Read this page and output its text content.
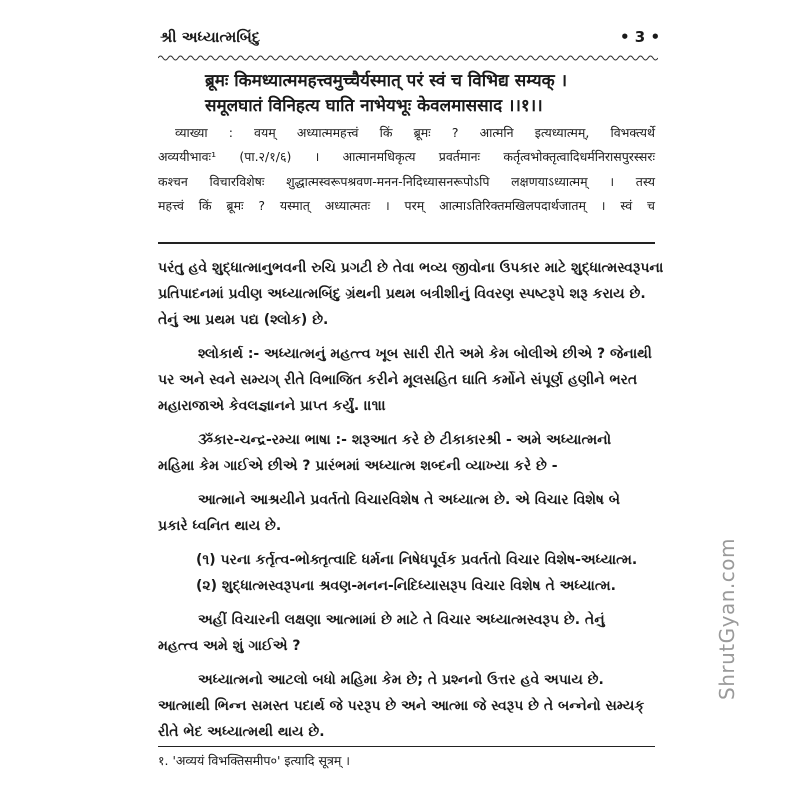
શ્રી અધ્યાત્મબિંદુ	• 3 •
ब्रूमः किमध्यात्ममहत्त्वमुच्चैर्यस्मात् परं स्वं च विभिद्य सम्यक् ।
समूलघातं विनिहत्य घाति नाभेयभूः केवलमाससाद ।।१।।
व्याख्या : वयम् अध्यात्ममहत्त्वं किं ब्रूमः ? आत्मनि इत्यध्यात्मम्, विभक्त्यर्थे
अव्ययीभावः¹ (पा.२/१/६) । आत्मानमधिकृत्य प्रवर्तमानः कर्तृत्वभोक्तृत्वादिधर्मनिरासपुरस्सरः
कश्चन विचारविशेषः शुद्धात्मस्वरूपश्रवण-मनन-निदिध्यासनरूपोऽपि लक्षणयाऽध्यात्मम् । तस्य
महत्त्वं किं ब्रूमः ? यस्मात् अध्यात्मतः । परम् आत्माऽतिरिक्तमखिलपदार्थजातम् । स्वं च
પરંતુ હવે શુદ્ધાત્માનુભવની રુચિ પ્રગટી છે તેવા ભવ્ય જીવોના ઉપકાર માટે શુદ્ધાત્મસ્વરૂપના
પ્રતિપાદનમાં પ્રવીણ અધ્યાત્મબિંદુ ગ્રંથની પ્રથમ બત્રીશીનું વિવરણ સ્પષ્ટરૂપે શરૂ કરાય છે.
તેનું આ પ્રથમ પદ્ય (શ્લોક) છે.
શ્લોકાર્થ :- અધ્યાત્મનું મહત્ત્વ ખૂબ સારી રીતે અમે કેમ બોલીએ છીએ ? જેનાથી
પર અને સ્વને સમ્યગ્ રીતે વિભાજિત કરીને મૂલસહિત ઘાતિ કર્મોને સંપૂર્ણ હણીને ભરત
મહારાજાએ કેવલજ્ઞાનને પ્રાપ્ત કર્યું. ।।૧।।
ૐકાર-ચન્દ્ર-રમ્યા ભાષા :- શરૂઆત કરે છે ટીકાકારશ્રી - અમે અધ્યાત્મનો
મહિમા કેમ ગાઈએ છીએ ? પ્રારંભમાં અધ્યાત્મ શબ્દની વ્યાખ્યા કરે છે -
આત્માને આશ્રયીને પ્રવર્તતો વિચારવિશેષ તે અધ્યાત્મ છે. એ વિચાર વિશેષ બે
પ્રકારે ધ્વનિત થાય છે.
(૧) પરના કર્તૃત્વ-ભોક્તૃત્વાદિ ધર્મના નિષેધપૂર્વક પ્રવર્તતો વિચાર વિશેષ-અધ્યાત્મ.
(૨) શુદ્ધાત્મસ્વરૂપના શ્રવણ-મનન-નિદિધ્યાસરૂપ વિચાર વિશેષ તે અધ્યાત્મ.
અહીં વિચારની લક્ષણા આત્મામાં છે માટે તે વિચાર અધ્યાત્મસ્વરૂપ છે. તેનું
મહત્ત્વ અમે શું ગાઈએ ?
અધ્યાત્મનો આટલો બધો મહિમા કેમ છે; તે પ્રશ્નનો ઉત્તર હવે અપાય છે.
આત્માથી ભિન્ન સમસ્ત પદાર્થ જે પરરૂપ છે અને આત્મા જે સ્વરૂપ છે તે બન્નેનો સમ્યક્
રીતે ભેદ અધ્યાત્મથી થાય છે.
१. 'अव्ययं विभक्तिसमीप०' इत्यादि सूत्रम् ।
ShrutGyan.com
